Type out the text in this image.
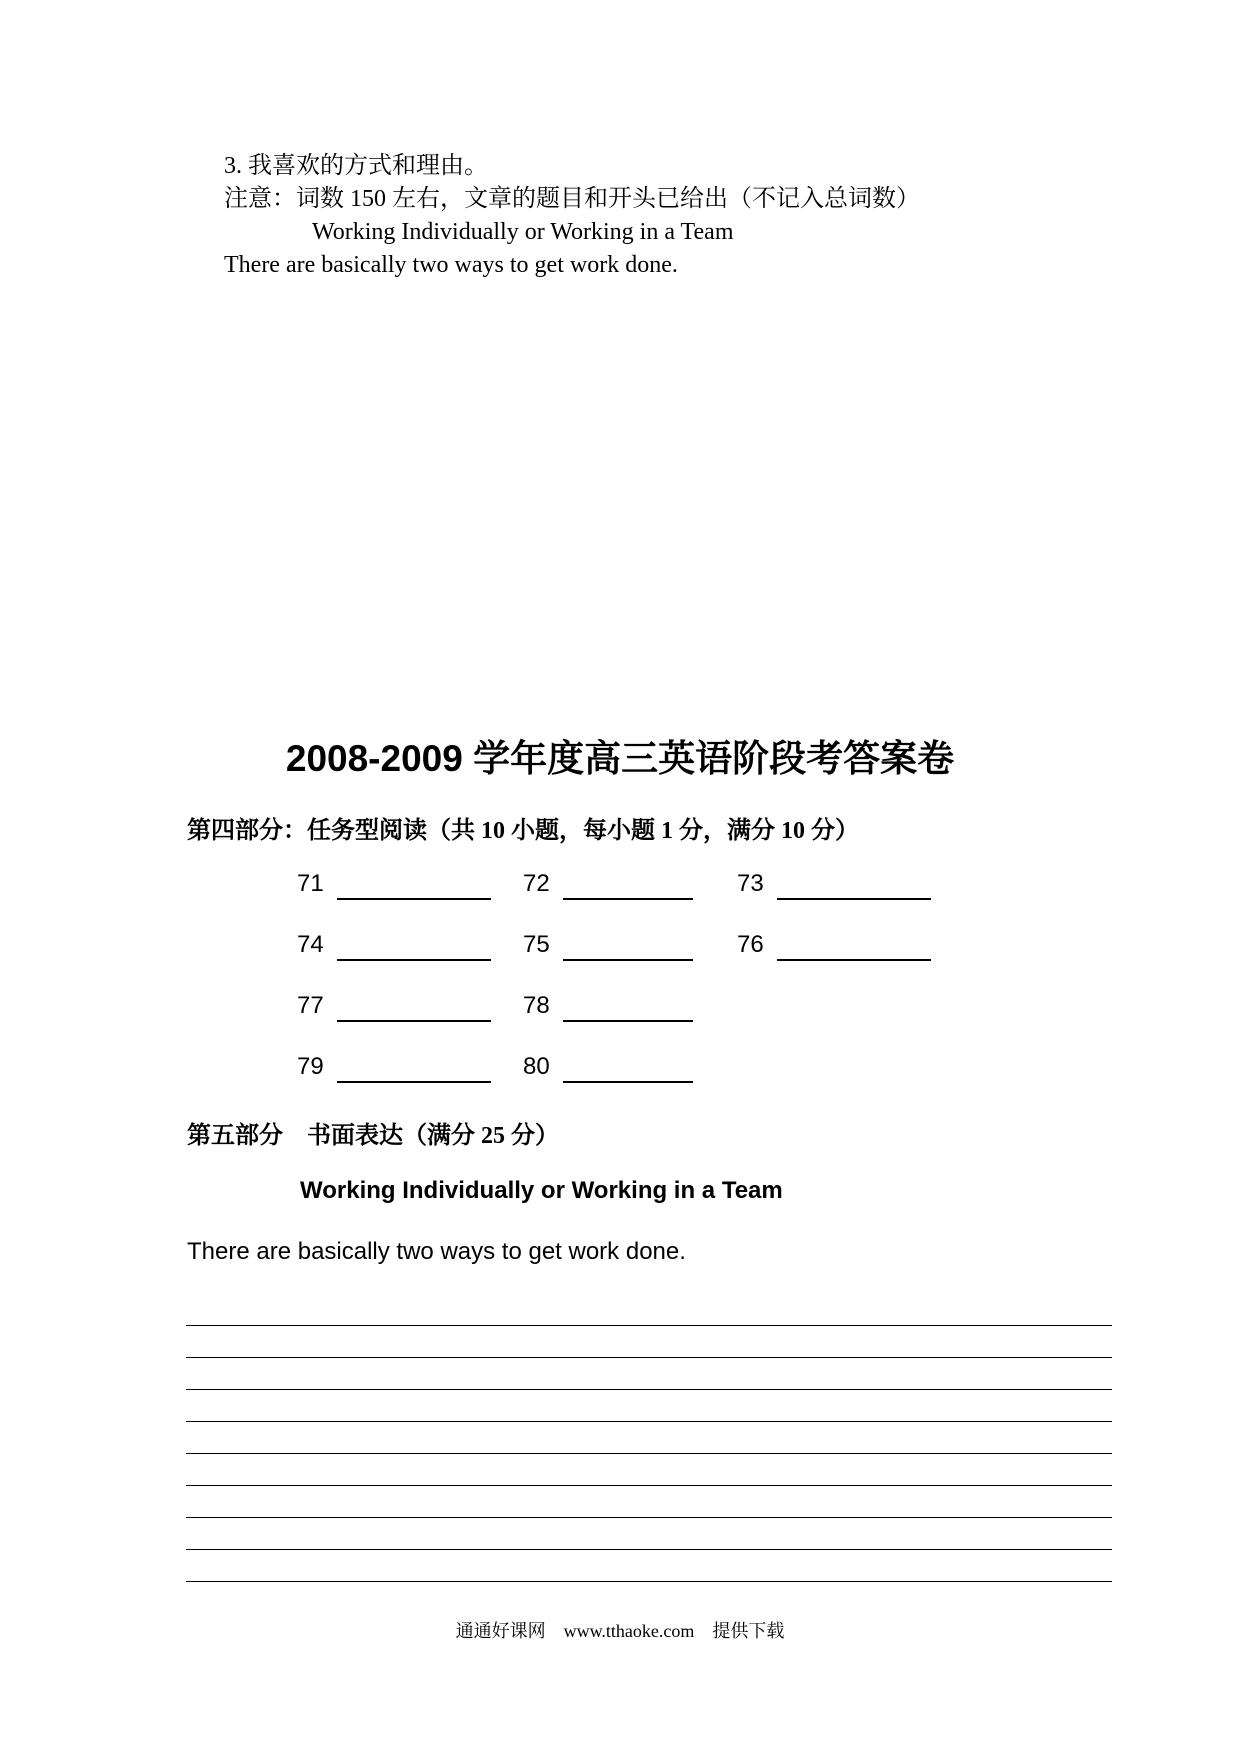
3. 我喜欢的方式和理由。
注意：词数 150 左右，文章的题目和开头已给出（不记入总词数）
Working Individually or Working in a Team
There are basically two ways to get work done.
2008-2009 学年度高三英语阶段考答案卷
第四部分：任务型阅读（共 10 小题，每小题 1 分，满分 10 分）
71	72	73
74	75	76
77	78
79	80
第五部分　书面表达（满分 25 分）
Working Individually or Working in a Team
There are basically two ways to get work done.
通通好课网　www.tthaoke.com　提供下载
